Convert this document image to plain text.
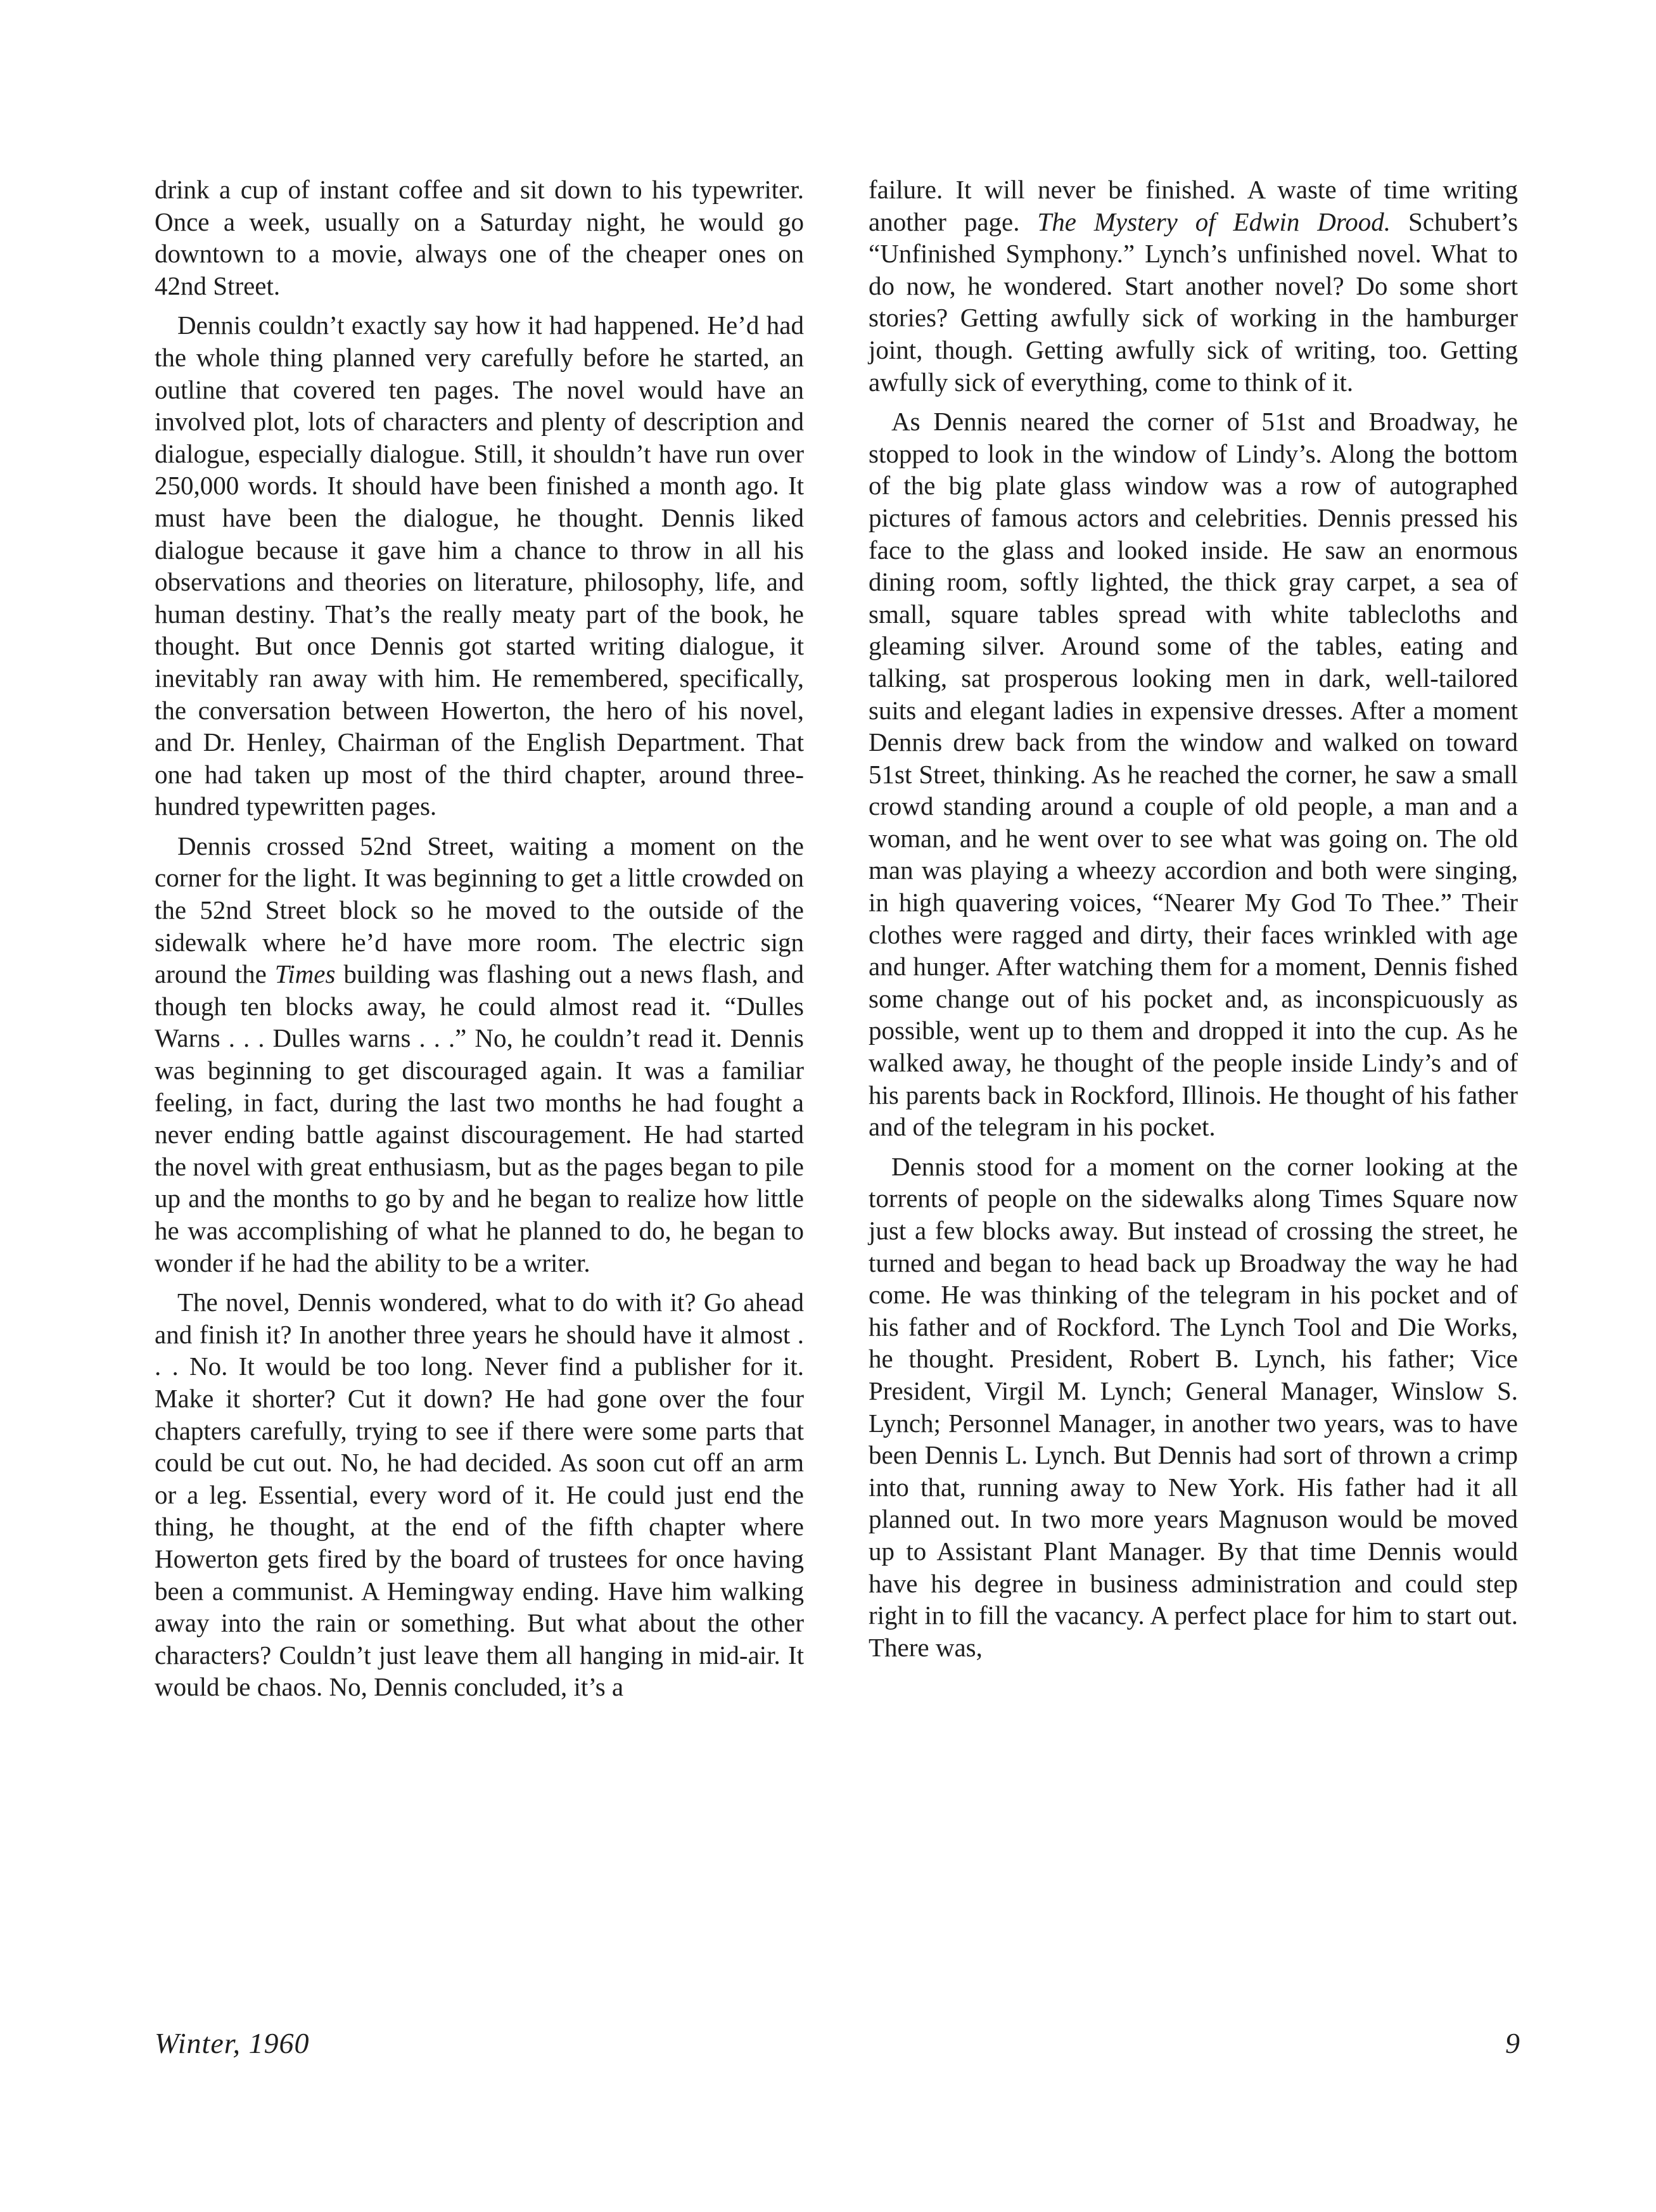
drink a cup of instant coffee and sit down to his typewriter. Once a week, usually on a Saturday night, he would go downtown to a movie, always one of the cheaper ones on 42nd Street.

Dennis couldn’t exactly say how it had happened. He’d had the whole thing planned very carefully before he started, an outline that covered ten pages. The novel would have an involved plot, lots of characters and plenty of description and dialogue, especially dialogue. Still, it shouldn’t have run over 250,000 words. It should have been finished a month ago. It must have been the dialogue, he thought. Dennis liked dialogue because it gave him a chance to throw in all his observations and theories on literature, philosophy, life, and human destiny. That’s the really meaty part of the book, he thought. But once Dennis got started writing dialogue, it inevitably ran away with him. He remembered, specifically, the conversation between Howerton, the hero of his novel, and Dr. Henley, Chairman of the English Department. That one had taken up most of the third chapter, around three-hundred typewritten pages.

Dennis crossed 52nd Street, waiting a moment on the corner for the light. It was beginning to get a little crowded on the 52nd Street block so he moved to the outside of the sidewalk where he’d have more room. The electric sign around the Times building was flashing out a news flash, and though ten blocks away, he could almost read it. “Dulles Warns . . . Dulles warns . . .” No, he couldn’t read it. Dennis was beginning to get discouraged again. It was a familiar feeling, in fact, during the last two months he had fought a never ending battle against discouragement. He had started the novel with great enthusiasm, but as the pages began to pile up and the months to go by and he began to realize how little he was accomplishing of what he planned to do, he began to wonder if he had the ability to be a writer.

The novel, Dennis wondered, what to do with it? Go ahead and finish it? In another three years he should have it almost . . . No. It would be too long. Never find a publisher for it. Make it shorter? Cut it down? He had gone over the four chapters carefully, trying to see if there were some parts that could be cut out. No, he had decided. As soon cut off an arm or a leg. Essential, every word of it. He could just end the thing, he thought, at the end of the fifth chapter where Howerton gets fired by the board of trustees for once having been a communist. A Hemingway ending. Have him walking away into the rain or something. But what about the other characters? Couldn’t just leave them all hanging in mid-air. It would be chaos. No, Dennis concluded, it’s a

failure. It will never be finished. A waste of time writing another page. The Mystery of Edwin Drood. Schubert’s “Unfinished Symphony.” Lynch’s unfinished novel. What to do now, he wondered. Start another novel? Do some short stories? Getting awfully sick of working in the hamburger joint, though. Getting awfully sick of writing, too. Getting awfully sick of everything, come to think of it.

As Dennis neared the corner of 51st and Broadway, he stopped to look in the window of Lindy’s. Along the bottom of the big plate glass window was a row of autographed pictures of famous actors and celebrities. Dennis pressed his face to the glass and looked inside. He saw an enormous dining room, softly lighted, the thick gray carpet, a sea of small, square tables spread with white tablecloths and gleaming silver. Around some of the tables, eating and talking, sat prosperous looking men in dark, well-tailored suits and elegant ladies in expensive dresses. After a moment Dennis drew back from the window and walked on toward 51st Street, thinking. As he reached the corner, he saw a small crowd standing around a couple of old people, a man and a woman, and he went over to see what was going on. The old man was playing a wheezy accordion and both were singing, in high quavering voices, “Nearer My God To Thee.” Their clothes were ragged and dirty, their faces wrinkled with age and hunger. After watching them for a moment, Dennis fished some change out of his pocket and, as inconspicuously as possible, went up to them and dropped it into the cup. As he walked away, he thought of the people inside Lindy’s and of his parents back in Rockford, Illinois. He thought of his father and of the telegram in his pocket.

Dennis stood for a moment on the corner looking at the torrents of people on the sidewalks along Times Square now just a few blocks away. But instead of crossing the street, he turned and began to head back up Broadway the way he had come. He was thinking of the telegram in his pocket and of his father and of Rockford. The Lynch Tool and Die Works, he thought. President, Robert B. Lynch, his father; Vice President, Virgil M. Lynch; General Manager, Winslow S. Lynch; Personnel Manager, in another two years, was to have been Dennis L. Lynch. But Dennis had sort of thrown a crimp into that, running away to New York. His father had it all planned out. In two more years Magnuson would be moved up to Assistant Plant Manager. By that time Dennis would have his degree in business administration and could step right in to fill the vacancy. A perfect place for him to start out. There was,

Winter, 1960	9
